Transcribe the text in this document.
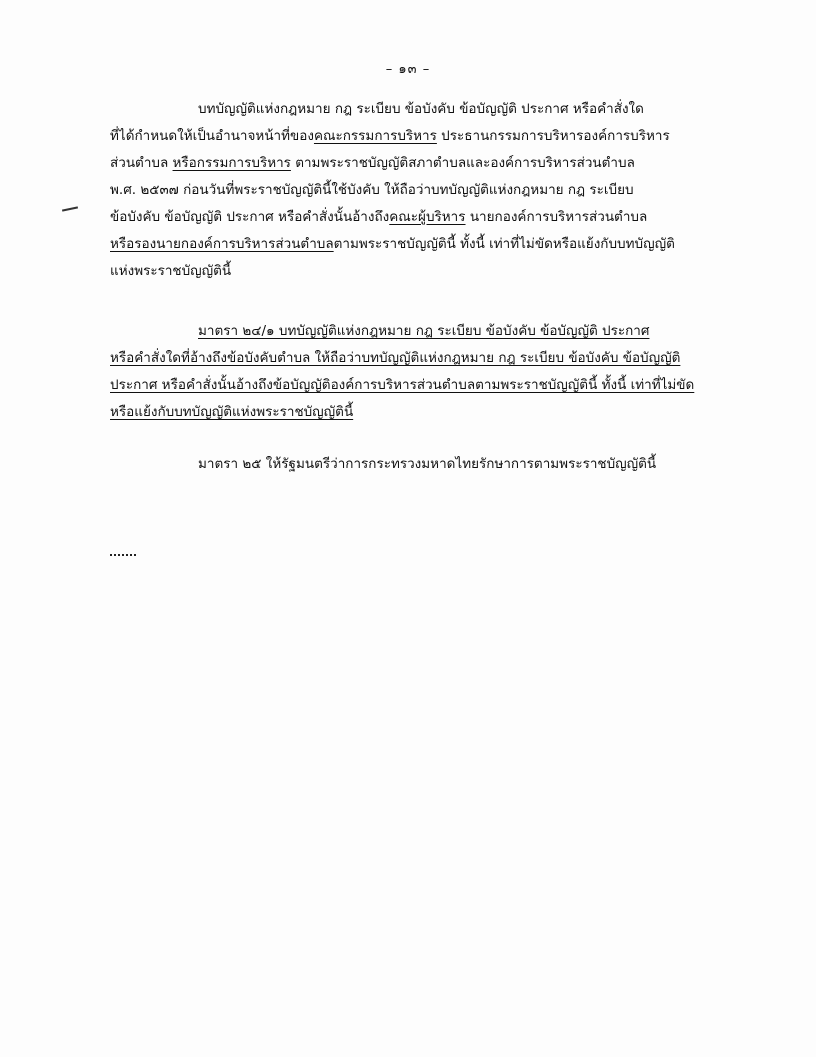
– ๑๓ –
บทบัญญัติแห่งกฎหมาย กฎ ระเบียบ ข้อบังคับ ข้อบัญญัติ ประกาศ หรือคำสั่งใด
ที่ได้กำหนดให้เป็นอำนาจหน้าที่ของคณะกรรมการบริหาร ประธานกรรมการบริหารองค์การบริหาร
ส่วนตำบล หรือกรรมการบริหาร ตามพระราชบัญญัติสภาตำบลและองค์การบริหารส่วนตำบล
พ.ศ. ๒๕๓๗ ก่อนวันที่พระราชบัญญัตินี้ใช้บังคับ ให้ถือว่าบทบัญญัติแห่งกฎหมาย กฎ ระเบียบ
ข้อบังคับ ข้อบัญญัติ ประกาศ หรือคำสั่งนั้นอ้างถึงคณะผู้บริหาร นายกองค์การบริหารส่วนตำบล
หรือรองนายกองค์การบริหารส่วนตำบลตามพระราชบัญญัตินี้ ทั้งนี้ เท่าที่ไม่ขัดหรือแย้งกับบทบัญญัติ
แห่งพระราชบัญญัตินี้
มาตรา ๒๔/๑ บทบัญญัติแห่งกฎหมาย กฎ ระเบียบ ข้อบังคับ ข้อบัญญัติ ประกาศ
หรือคำสั่งใดที่อ้างถึงข้อบังคับตำบล ให้ถือว่าบทบัญญัติแห่งกฎหมาย กฎ ระเบียบ ข้อบังคับ ข้อบัญญัติ
ประกาศ หรือคำสั่งนั้นอ้างถึงข้อบัญญัติองค์การบริหารส่วนตำบลตามพระราชบัญญัตินี้ ทั้งนี้ เท่าที่ไม่ขัด
หรือแย้งกับบทบัญญัติแห่งพระราชบัญญัตินี้
มาตรา ๒๕ ให้รัฐมนตรีว่าการกระทรวงมหาดไทยรักษาการตามพระราชบัญญัตินี้
